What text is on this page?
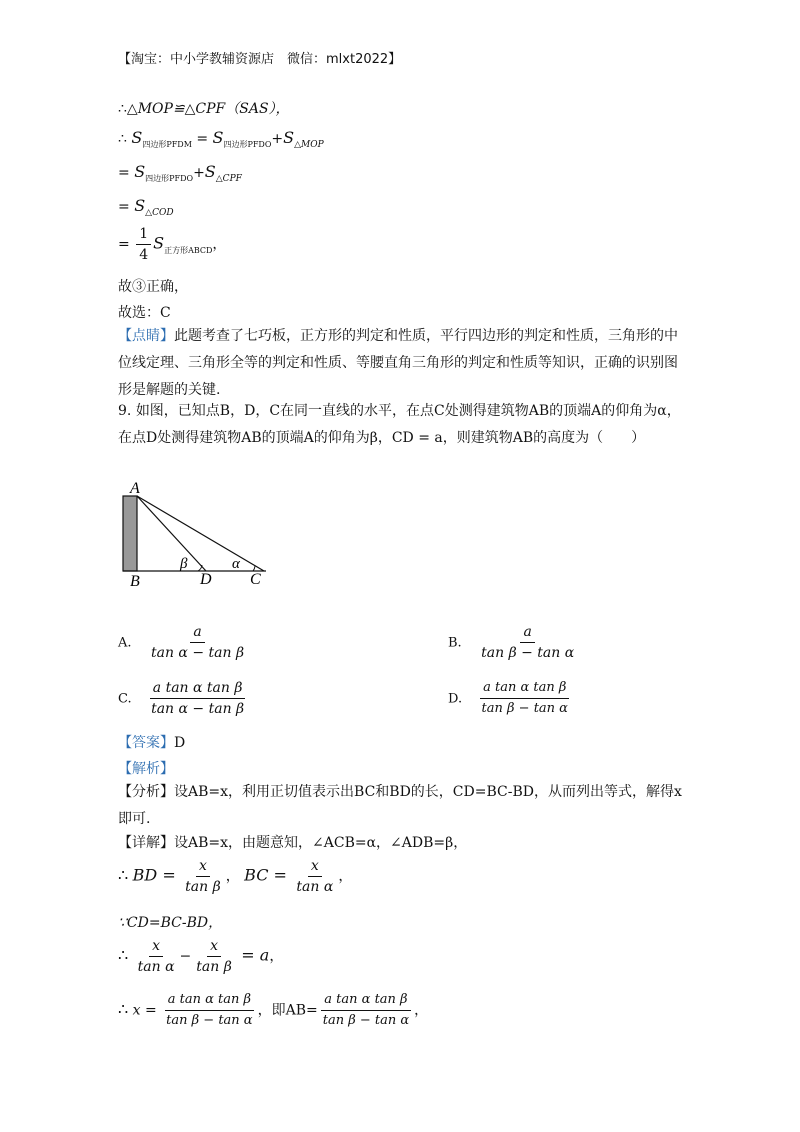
【淘宝：中小学教辅资源店　微信：mlxt2022】
∴△MOP≌△CPF（SAS），
∴ $S_{四边形PFDM} = S_{四边形PFDO}+S_{\triangle MOP}$
= $S_{四边形PFDO}+S_{\triangle CPF}$
= $S_{\triangle COD}$
= $\frac{1}{4} S_{正方形ABCD}$，
故③正确，
故选：C
【点睛】此题考查了七巧板，正方形的判定和性质，平行四边形的判定和性质，三角形的中位线定理、三角形全等的判定和性质、等腰直角三角形的判定和性质等知识，正确的识别图形是解题的关键.
9. 如图，已知点B，D，C在同一直线的水平，在点C处测得建筑物AB的顶端A的仰角为α，在点D处测得建筑物AB的顶端A的仰角为β，CD = a，则建筑物AB的高度为（　　）
A
B	D C
β	α
A. $\frac{a}{\text{tan α − tan β}}$	B. $\frac{a}{\text{tan β − tan α}}$
C. $\frac{\text{a tan α tan β}}{\text{tan α − tan β}}$	D. $\frac{\text{a tan α tan β}}{\text{tan β − tan α}}$
【答案】D
【解析】
【分析】设AB=x，利用正切值表示出BC和BD的长，CD=BC-BD，从而列出等式，解得x即可.
【详解】设AB=x，由题意知，∠ACB=α，∠ADB=β，
∴ BD = $\frac{x}{\text{tan β}}$ ， BC = $\frac{x}{\text{tan α}}$ ，
∵CD=BC-BD，
∴ $\frac{x}{\text{tan α}} - \frac{x}{\text{tan β}} = a$，
∴ $x = \frac{\text{a tan α tan β}}{\text{tan β − tan α}}$ ，即$AB= \frac{\text{a tan α tan β}}{\text{tan β − tan α}}$ ，
